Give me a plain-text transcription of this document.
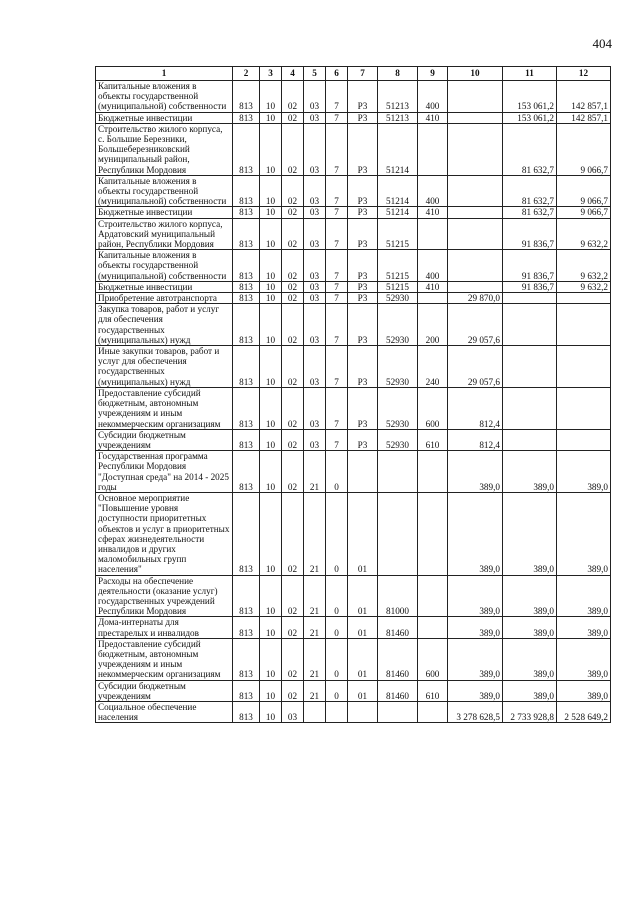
404
1	2	3	4	5	6	7	8	9	10	11	12
Капитальные вложения в объекты государственной (муниципальной) собственности	813	10	02	03	7	Р3	51213	400		153 061,2	142 857,1
Бюджетные инвестиции	813	10	02	03	7	Р3	51213	410		153 061,2	142 857,1
Строительство жилого корпуса, с. Большие Березники, Большеберезниковский муниципальный район, Республики Мордовия	813	10	02	03	7	Р3	51214			81 632,7	9 066,7
Капитальные вложения в объекты государственной (муниципальной) собственности	813	10	02	03	7	Р3	51214	400		81 632,7	9 066,7
Бюджетные инвестиции	813	10	02	03	7	Р3	51214	410		81 632,7	9 066,7
Строительство жилого корпуса, Ардатовский муниципальный район, Республики Мордовия	813	10	02	03	7	Р3	51215			91 836,7	9 632,2
Капитальные вложения в объекты государственной (муниципальной) собственности	813	10	02	03	7	Р3	51215	400		91 836,7	9 632,2
Бюджетные инвестиции	813	10	02	03	7	Р3	51215	410		91 836,7	9 632,2
Приобретение автотранспорта	813	10	02	03	7	Р3	52930		29 870,0		
Закупка товаров, работ и услуг для обеспечения государственных (муниципальных) нужд	813	10	02	03	7	Р3	52930	200	29 057,6		
Иные закупки товаров, работ и услуг для обеспечения государственных (муниципальных) нужд	813	10	02	03	7	Р3	52930	240	29 057,6		
Предоставление субсидий бюджетным, автономным учреждениям и иным некоммерческим организациям	813	10	02	03	7	Р3	52930	600	812,4		
Субсидии бюджетным учреждениям	813	10	02	03	7	Р3	52930	610	812,4		
Государственная программа Республики Мордовия "Доступная среда" на 2014 - 2025 годы	813	10	02	21	0				389,0	389,0	389,0
Основное мероприятие "Повышение уровня доступности приоритетных объектов и услуг в приоритетных сферах жизнедеятельности инвалидов и других маломобильных групп населения"	813	10	02	21	0	01			389,0	389,0	389,0
Расходы на обеспечение деятельности (оказание услуг) государственных учреждений Республики Мордовия	813	10	02	21	0	01	81000		389,0	389,0	389,0
Дома-интернаты для престарелых и инвалидов	813	10	02	21	0	01	81460		389,0	389,0	389,0
Предоставление субсидий бюджетным, автономным учреждениям и иным некоммерческим организациям	813	10	02	21	0	01	81460	600	389,0	389,0	389,0
Субсидии бюджетным учреждениям	813	10	02	21	0	01	81460	610	389,0	389,0	389,0
Социальное обеспечение населения	813	10	03						3 278 628,5	2 733 928,8	2 528 649,2
